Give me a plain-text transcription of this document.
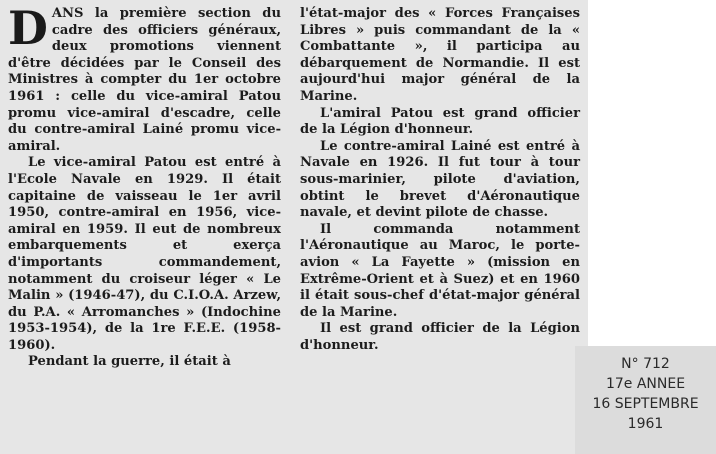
DANS la première section du cadre des officiers généraux, deux promotions viennent d'être décidées par le Conseil des Ministres à compter du 1er octobre 1961 : celle du vice-amiral Patou promu vice-amiral d'escadre, celle du contre-amiral Lainé promu vice-amiral.

Le vice-amiral Patou est entré à l'Ecole Navale en 1929. Il était capitaine de vaisseau le 1er avril 1950, contre-amiral en 1956, vice-amiral en 1959. Il eut de nombreux embarquements et exerça d'importants commandement, notamment du croiseur léger « Le Malin » (1946-47), du C.I.O.A. Arzew, du P.A. « Arromanches » (Indochine 1953-1954), de la 1re F.E.E. (1958-1960).

Pendant la guerre, il était à

l'état-major des « Forces Françaises Libres » puis commandant de la « Combattante », il participa au débarquement de Normandie. Il est aujourd'hui major général de la Marine.

L'amiral Patou est grand officier de la Légion d'honneur.

Le contre-amiral Lainé est entré à Navale en 1926. Il fut tour à tour sous-marinier, pilote d'aviation, obtint le brevet d'Aéronautique navale, et devint pilote de chasse.

Il commanda notamment l'Aéronautique au Maroc, le porte-avion « La Fayette » (mission en Extrême-Orient et à Suez) et en 1960 il était sous-chef d'état-major général de la Marine.

Il est grand officier de la Légion d'honneur.

N° 712
17e ANNEE
16 SEPTEMBRE
1961
